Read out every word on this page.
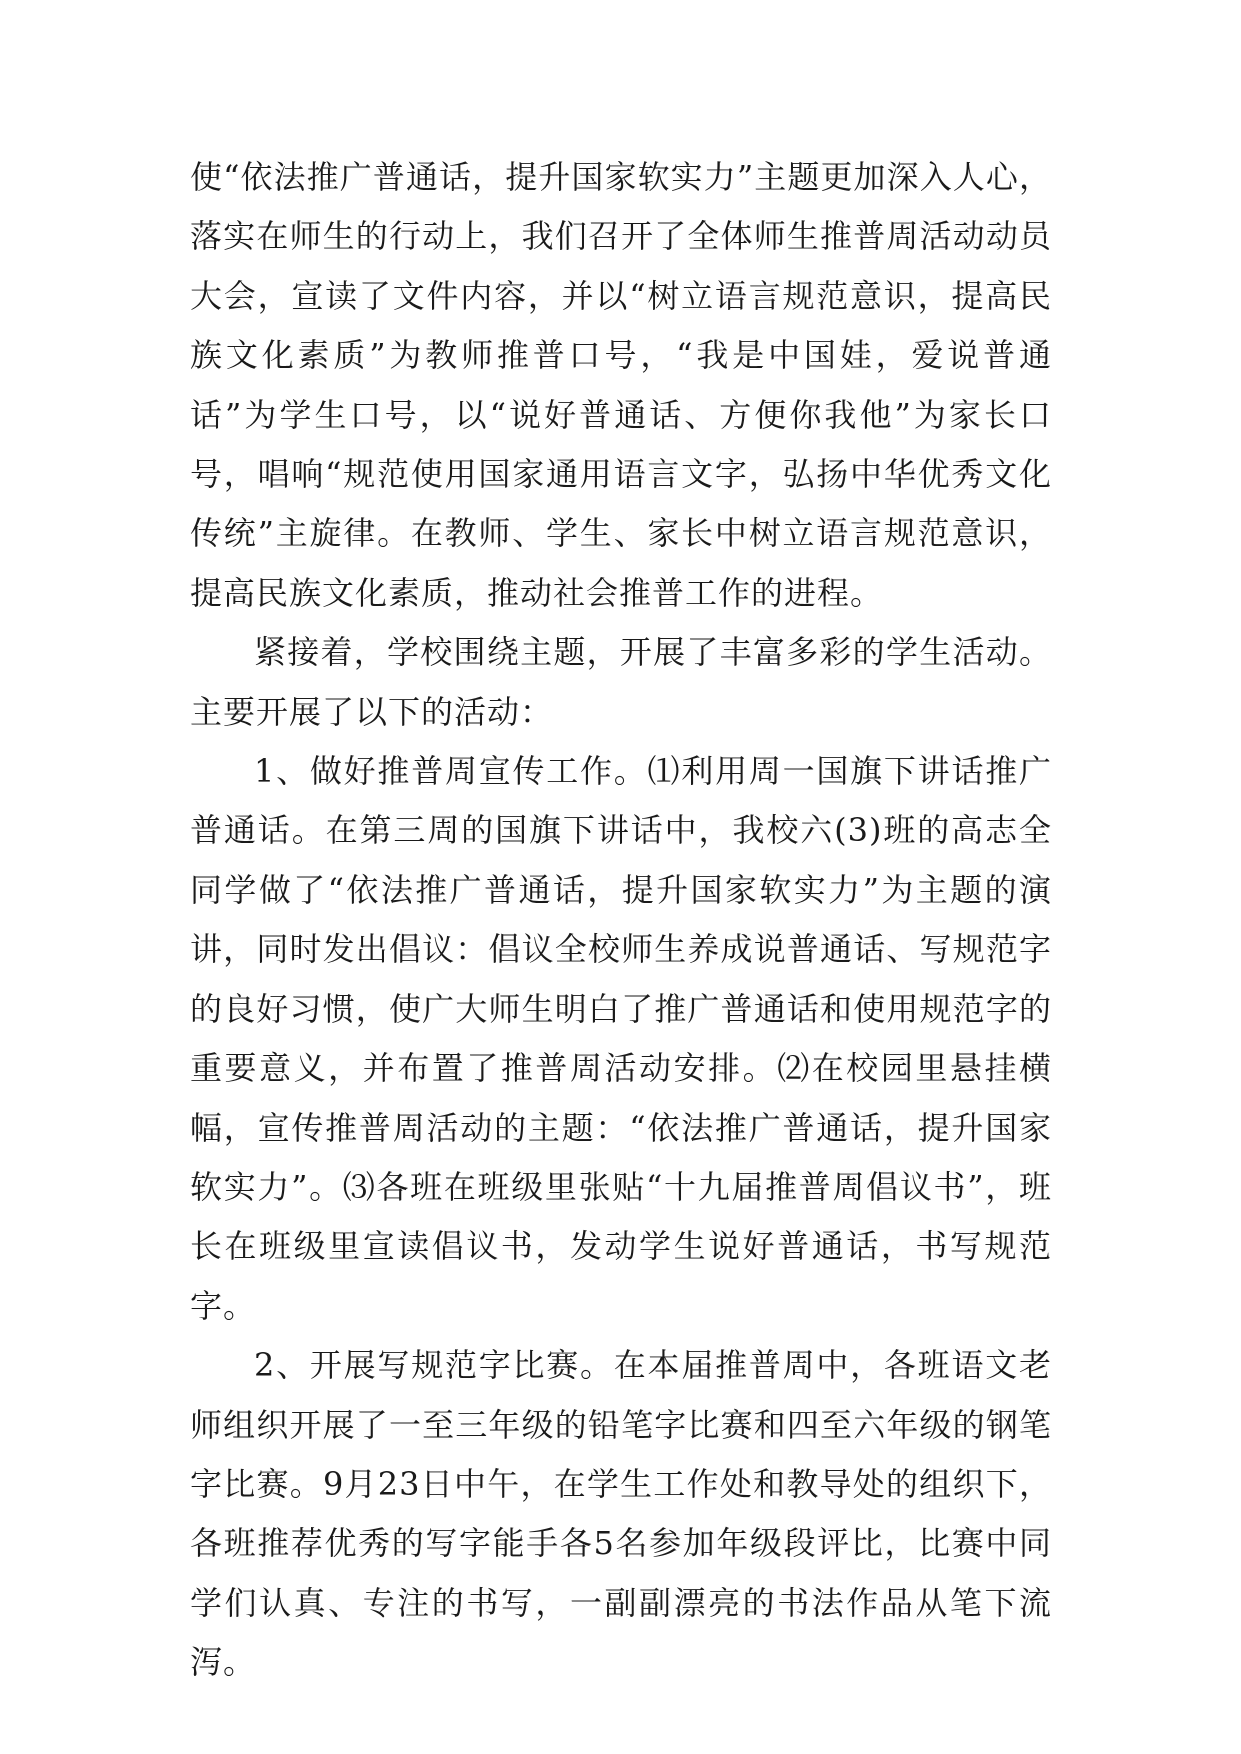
使“依法推广普通话，提升国家软实力”主题更加深入人心，落实在师生的行动上，我们召开了全体师生推普周活动动员大会，宣读了文件内容，并以“树立语言规范意识，提高民族文化素质”为教师推普口号，“我是中国娃，爱说普通话”为学生口号，以“说好普通话、方便你我他”为家长口号，唱响“规范使用国家通用语言文字，弘扬中华优秀文化传统”主旋律。在教师、学生、家长中树立语言规范意识，提高民族文化素质，推动社会推普工作的进程。

紧接着，学校围绕主题，开展了丰富多彩的学生活动。主要开展了以下的活动：

1、做好推普周宣传工作。⑴利用周一国旗下讲话推广普通话。在第三周的国旗下讲话中，我校六(3)班的高志全同学做了“依法推广普通话，提升国家软实力”为主题的演讲，同时发出倡议：倡议全校师生养成说普通话、写规范字的良好习惯，使广大师生明白了推广普通话和使用规范字的重要意义，并布置了推普周活动安排。⑵在校园里悬挂横幅，宣传推普周活动的主题：“依法推广普通话，提升国家软实力”。⑶各班在班级里张贴“十九届推普周倡议书”，班长在班级里宣读倡议书，发动学生说好普通话，书写规范字。

2、开展写规范字比赛。在本届推普周中，各班语文老师组织开展了一至三年级的铅笔字比赛和四至六年级的钢笔字比赛。9月23日中午，在学生工作处和教导处的组织下，各班推荐优秀的写字能手各5名参加年级段评比，比赛中同学们认真、专注的书写，一副副漂亮的书法作品从笔下流泻。
